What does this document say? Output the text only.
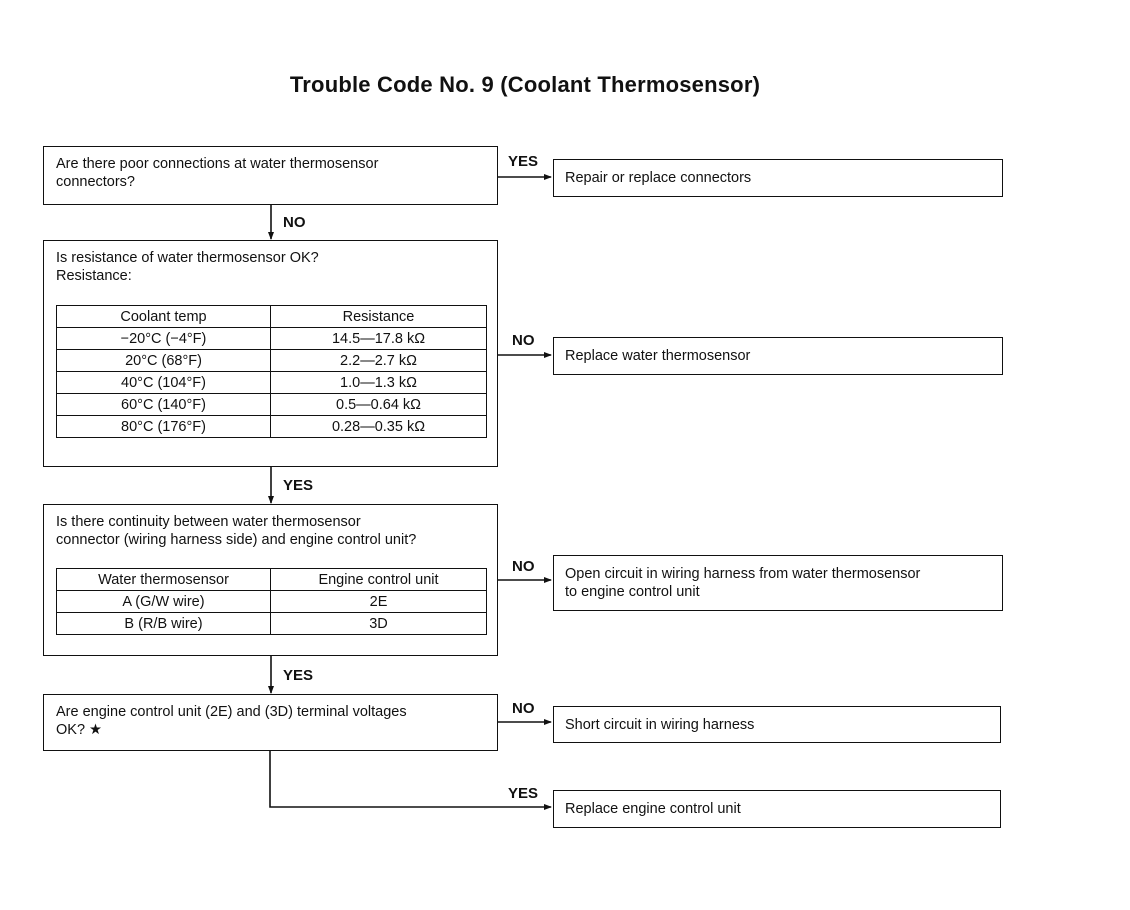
Trouble Code No. 9 (Coolant Thermosensor)
Are there poor connections at water thermosensor
connectors?
YES
Repair or replace connectors
NO
Is resistance of water thermosensor OK?
Resistance:
Coolant temp	Resistance
−20°C (−4°F)	14.5—17.8 kΩ
20°C (68°F)	2.2—2.7 kΩ
40°C (104°F)	1.0—1.3 kΩ
60°C (140°F)	0.5—0.64 kΩ
80°C (176°F)	0.28—0.35 kΩ
NO
Replace water thermosensor
YES
Is there continuity between water thermosensor
connector (wiring harness side) and engine control unit?
Water thermosensor	Engine control unit
A (G/W wire)	2E
B (R/B wire)	3D
NO	Open circuit in wiring harness from water thermosensor
to engine control unit
YES
Are engine control unit (2E) and (3D) terminal voltages
OK? ★
NO
Short circuit in wiring harness
YES
Replace engine control unit
